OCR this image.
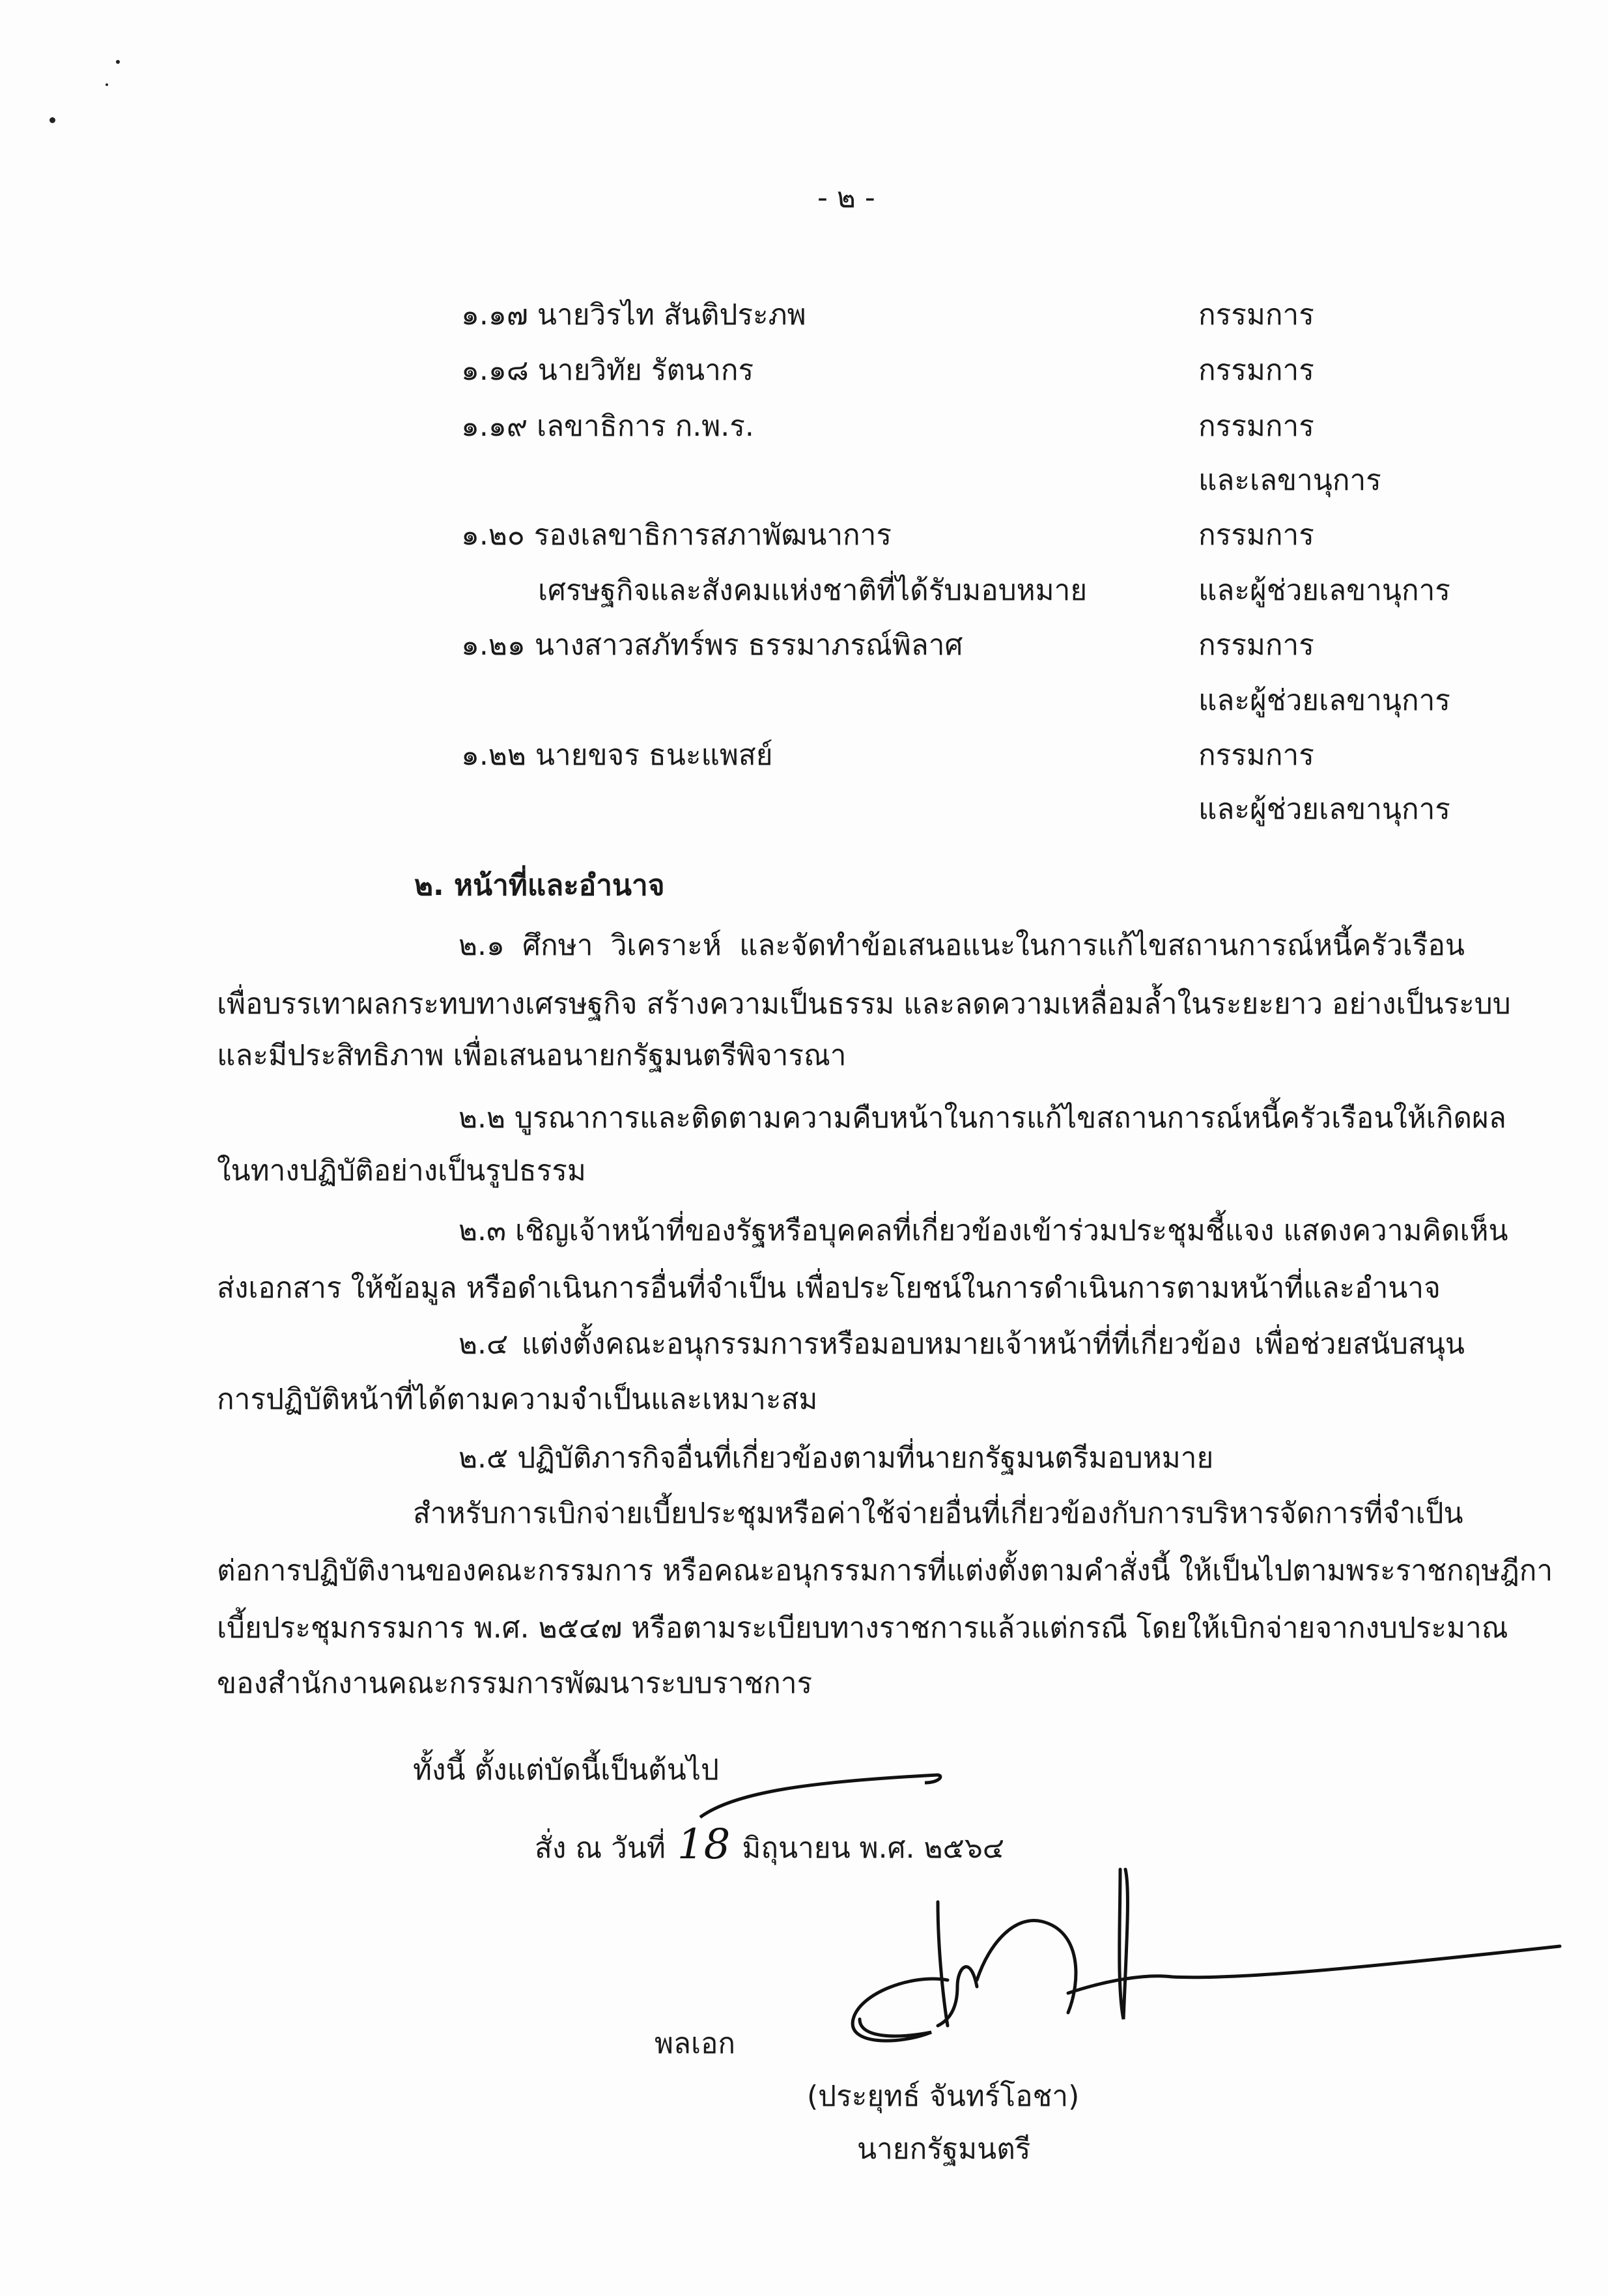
- ๒ -
๑.๑๗ นายวิรไท สันติประภพ	กรรมการ
๑.๑๘ นายวิทัย รัตนากร	กรรมการ
๑.๑๙ เลขาธิการ ก.พ.ร.	กรรมการ
และเลขานุการ
๑.๒๐ รองเลขาธิการสภาพัฒนาการ	กรรมการ
เศรษฐกิจและสังคมแห่งชาติที่ได้รับมอบหมาย	และผู้ช่วยเลขานุการ
๑.๒๑ นางสาวสภัทร์พร ธรรมาภรณ์พิลาศ	กรรมการ
และผู้ช่วยเลขานุการ
๑.๒๒ นายขจร ธนะแพสย์	กรรมการ
และผู้ช่วยเลขานุการ
๒. หน้าที่และอำนาจ
๒.๑ ศึกษา วิเคราะห์ และจัดทำข้อเสนอแนะในการแก้ไขสถานการณ์หนี้ครัวเรือน
เพื่อบรรเทาผลกระทบทางเศรษฐกิจ สร้างความเป็นธรรม และลดความเหลื่อมล้ำในระยะยาว อย่างเป็นระบบ
และมีประสิทธิภาพ เพื่อเสนอนายกรัฐมนตรีพิจารณา
๒.๒ บูรณาการและติดตามความคืบหน้าในการแก้ไขสถานการณ์หนี้ครัวเรือนให้เกิดผล
ในทางปฏิบัติอย่างเป็นรูปธรรม
๒.๓ เชิญเจ้าหน้าที่ของรัฐหรือบุคคลที่เกี่ยวข้องเข้าร่วมประชุมชี้แจง แสดงความคิดเห็น
ส่งเอกสาร ให้ข้อมูล หรือดำเนินการอื่นที่จำเป็น เพื่อประโยชน์ในการดำเนินการตามหน้าที่และอำนาจ
๒.๔ แต่งตั้งคณะอนุกรรมการหรือมอบหมายเจ้าหน้าที่ที่เกี่ยวข้อง เพื่อช่วยสนับสนุน
การปฏิบัติหน้าที่ได้ตามความจำเป็นและเหมาะสม
๒.๕ ปฏิบัติภารกิจอื่นที่เกี่ยวข้องตามที่นายกรัฐมนตรีมอบหมาย
สำหรับการเบิกจ่ายเบี้ยประชุมหรือค่าใช้จ่ายอื่นที่เกี่ยวข้องกับการบริหารจัดการที่จำเป็น
ต่อการปฏิบัติงานของคณะกรรมการ หรือคณะอนุกรรมการที่แต่งตั้งตามคำสั่งนี้ ให้เป็นไปตามพระราชกฤษฎีกา
เบี้ยประชุมกรรมการ พ.ศ. ๒๕๔๗ หรือตามระเบียบทางราชการแล้วแต่กรณี โดยให้เบิกจ่ายจากงบประมาณ
ของสำนักงานคณะกรรมการพัฒนาระบบราชการ
ทั้งนี้ ตั้งแต่บัดนี้เป็นต้นไป
สั่ง ณ วันที่ 18 มิถุนายน พ.ศ. ๒๕๖๔
พลเอก
(ประยุทธ์ จันทร์โอชา)
นายกรัฐมนตรี
